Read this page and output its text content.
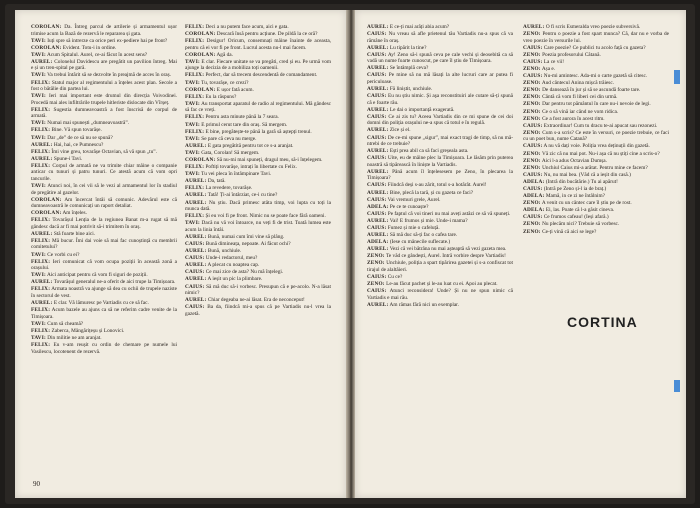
COROLAN: Da. Întreg parcul de artilerie și armamentul ușor trimise acum la Bază de rezervă le repararea și gata.

TAVI: Iuți spre să intrerze ca orice peri ex-pediere hai pe front?

COROLAN: Evident. Totu-i in ordine.

TAVI: Acum Spitalul. Aurel, ce-ai făcut în acest sens?

AUREL: Colonelul Davidescu are pregătit un pavilion întreg. Mai e și un tren-spital pe gară.

TAVI: Va trebui întărit să se dezvolte în preajmă de acces în oraș.

FELIX: Statul major al regimentului a înțeles acest plan. Secole a fost o bătălie din partea lui.

TAVI: Ieri mai important este drumul din direcția Voivodinei. Procedă mai ales infiltrările trupele hitleriste dislocate din Vîrșeț.

FELIX: Sugestia dumneavoastră a fost înscrisă de corpul de armată.

TAVI: Numai mai spunești „dumneavoastră”.

FELIX: Bine. Vă spun tovarășe.

TAVI: Dar „de” de ce să nu se spună?

AUREL: Hai, hai, ce Pumnescu?

FELIX: Îmi vine greu, tovarășe Octavian, să vă spun „tu”.

AUREL: Spune-i Tavi.

FELIX: Corpul de armată ne va trimite chiar mâine o companie anticar cu tunuri și patru tunuri. Ce atestă acum că vom opri tancurile.

TAVI: Atunci noi, în cei vii să le vezi al armamentul lor în stadiul de pregătire al gazelor.

COROLAN: Am încercat întâi să comunic. Adevărul este că dumneavoastră le comunicați un raport detaliat.

COROLAN: Am înțeles.

FELIX: Tovarășul Lenția de la regiunea Banat m-a rugat să mă gândesc dacă ar fi mai potrivit să-i trimitem în oraș.

AUREL: Stă foarte bine aici.

FELIX: Mă bucur. Îmi dai voie să mai fac cunoștință cu membrii comitetului?

TAVI: Ce vorbi cu ei?

FELIX: Ieri comunicat că vom ocupa poziții în această zonă a orașului.

TAVI: Aici anticipat pentru că vom fi siguri de poziții.

AUREL: Tovarășul generalul ne-a oferit de aici trupe la Timișoara.

FELIX: Armata noastră va ajunge să dea cu ochii de trupele naziste în sectorul de vest.

AUREL: E clar. Vă lămuresc pe Vartiadis cu ce să fac.

FELIX: Acum bazele au ajuns ca să ne referim cadre venite de la Timișoara.

TAVI: Cum să cheamă?

FELIX: Zaberca, Mângărițeșu și Lonovici.

TAVI: Din militie ne am aranjat.

FELIX: Eu v-am reușit cu ordin de chemare pe numele lui Vasilescu, locotenent de rezervă.

FELIX: Deci a nu putem face acum, aici e gata.

COROLAN: Descară însă pentru acțiune. De pildă la ce oră?

FELIX: Desigur! Oricum, consemnați mâine înainte de aceasta, pentru că ei vor fi pe front. Lucrul acesta nu-l mai facem.

COROLAN: Agă da.

TAVI: E clar. Fiecare unitate se va pregăti, cred și eu. Pe urmă vom ajunge la decizia de a mobiliza toți oamenii.

FELIX: Perfect, dar să trecem descendentă de comandament.

TAVI: Tu, tovarășe, ce crezi?

COROLAN: E ușor fată acum.

FELIX: Eu la răspuns?

TAVI: Au transportat aparatul de radio al regimentului. Mă gândesc să fac ce vreți.

FELIX: Pentru asta minute până la 7 seara.

TAVI: E primul cerut tare din oraș. Să mergem.

FELIX: E bine, pregătește-te până la gară să aștepți trenul.

TAVI: Se pare că ceva nu merge.

AUREL: E gata pregătită pentru tot ce s-a aranjat.

TAVI: Gata, Corolan! Să mergem.

COROLAN: Să nu-mi mai spuneți, dragul meu, să-i înțelegem.

FELIX: Poftiți tovarășe, intrați în libertate cu Felix.

TAVI: Tu vei pleca în întâmpinare Tavi.

AUREL: Da, tată.

FELIX: La revedere, tovarășe.

AUREL: Tată! Ți-ai întârziat, ce-i cu tine?

AUREL: Nu știu. Dacă primesc atâta timp, voi lupta cu toți la munca dată.

FELIX: Și eu voi fi pe front. Nimic nu se poate face fără oameni.

TAVI: Dacă nu vă voi întoarce, nu veți fi de trist. Toată lumea este acum la linia întâi.

AUREL: Bună, numai cum îmi vine să plâng.

CAIUS: Bună dimineața, nepoate. Ai făcut ochi?

AUREL: Bună, unchiule.

CAIUS: Unde-i redactorul, meu?

AUREL: A plecat cu noaptea cap.

CAIUS: Ce mai zice de asta? Nu mă înțelegi.

AUREL: A ieșit un pic la plimbare.

CAIUS: Să mă duc să-i vorbesc. Presupun că e pe-acolo. N-a lăsat nimic?

AUREL: Chiar degeaba ne-ai lăsat. Era de neconceput!

CAIUS: Ba da, fiindcă mi-a spus că pe Vartiadis nu-l vrea la gazetă.

90

AUREL: E ce-ți mai arăți abia acum?

CAIUS: Nu vreau să afle prietenul tău Vartiadis nu-a spus că va rămâne în oraș.

AUREL: Lu tipărit la tine?

CAIUS: Ay! Zeno să-i spună ceva pe cale vechi și deosebită ca să vadă un nume foarte cunoscut, pe care îl știu de Timișoara.

AUREL: Se întâmplă ceva?

CAIUS: Pe mine să nu mă lăsați la alte lucruri care ar putea fi periculoase.

AUREL: Fă liniștit, unchiule.

CAIUS: Eu nu știu nimic. Și aşa reconstituiri ale cutare să-ți spună că e foarte rău.

AUREL: Le dai o importanță exagerată.

CAIUS: Ce ai zis tu? Aceea Vartiadis din ce mi spune de cei doi domni din poliția orașului ne-a spus că totul e în regulă.

AUREL: Zice și el.

CAIUS: De ce-mi spune „sigur”, mai exact tragi de timp, să nu mă-ntrebi de ce trebuie?

AUREL: Ești prea abil ca să faci greșeala asta.

CAIUS: Uite, eu de mâine plec la Timișoara. Le lăsăm prin puterea noastră să tipărească în liniște la Vartiadis.

AUREL: Până acum îl înțelesesem pe Zeno, în plecarea la Timișoara?

CAIUS: Fiindcă deși s-au zărit, totul s-a hotărât. Aurel!

AUREL: Bine, plecă la tară, și cu gazeta ce faci?

CAIUS: Vai vremuri grele, Aurel.

ADELA: Pe ce te cunoaște?

CAIUS: Pe faptul că voi tineri nu mai aveți astăzi ce să vă spuneți.

AUREL: Vai! E frumos și mie. Unde-i mama?

CAIUS: Fumez și mie o cafeluță.

AUREL: Să mă duc să-ți fac o cafea tare.

ADELA: (Iese cu mânecile suflecate.)

AUREL: Vezi că vei bătrâna nu mai așteaptă să vezi gazeta mea.

ZENO: Te văd ce gândești, Aurel. Intră vorbire despre Vartiadis!

ZENO: Unchiule, poliția a spart tipărirea gazetei și s-a confiscat tot tirajul de alaltăieri.

CAIUS: Cu ce?

ZENO: Le-au făcut pachet și le-au luat cu ei. Apoi au plecat.

CAIUS: Atunci reconsidera! Unde? Și nu ne spun nimic că Vartiadis e mai rău.

AUREL: Am rămas fără nici un exemplar.

AUREL: O fi scris Esmeralda vreo poezie subversivă.

ZENO: Pentru o poezie a fost spart munca? Că, dar nu e vorba de vreo poezie în versurile lui.

CAIUS: Care poezie? Ce publici tu acolo față cu gazeta?

ZENO: Poezia profesorului Cătană.

CAIUS: La ce vii!

ZENO: Așa e.

CAIUS: Nu-mi amintesc. Ada-mi o carte gazetă să citesc.

ZENO: Aud cântecul Anina mișcă trăiesc.

ZENO: De dansează în jur și să se ascundă foarte tare.

ZENO: Cântă că vom fi liberi cei din urmă.

ZENO: Dar pentru tot pământul în care nu-i nevoie de legi.

ZENO: Ce o să vină iar când ne vom ridica.

ZENO: Ce a fost aurora în acest ritm.

CAIUS: Extraordinar! Cum tu dracu te-ai apucat sau rezonezi.

ZENO: Cum s-a scris? Ce este în versuri, ce poezie trebuie, ce faci cu un poet bun, nume Catană?

CAIUS: A nu vă dați voie. Poliția vrea deținuții din gazetă.

ZENO: Vă zic că nu mai pot. Nu-i așa că nu știți cine a scris-o?

ZENO: Aici l-a adus Octavian Dumșa.

ZENO: Unchiul Caius mi-a arătat. Pentru mine ce facem?

CAIUS: Nu, nu mai bea. (Văd că a ieșit din casă.)

ADELA: (Intră din bucătărie.) Tu ai apărut!

CAIUS: (Intră pe Zeno și-l ia de braț.)

ADELA: Mamă, in ce zi ne întâlnim?

ZENO: A venit cu un cântec care îl știu pe de rost.

ADELA: Ei, las. Poate că l-a găsit cineva.

CAIUS: Ce frumos cafeau! (Ieși afară.)

ZENO: Nu plecăm nici? Trebuie să vorbesc.

ZENO: Ce-ți vină că aici se lege?

CORTINA
